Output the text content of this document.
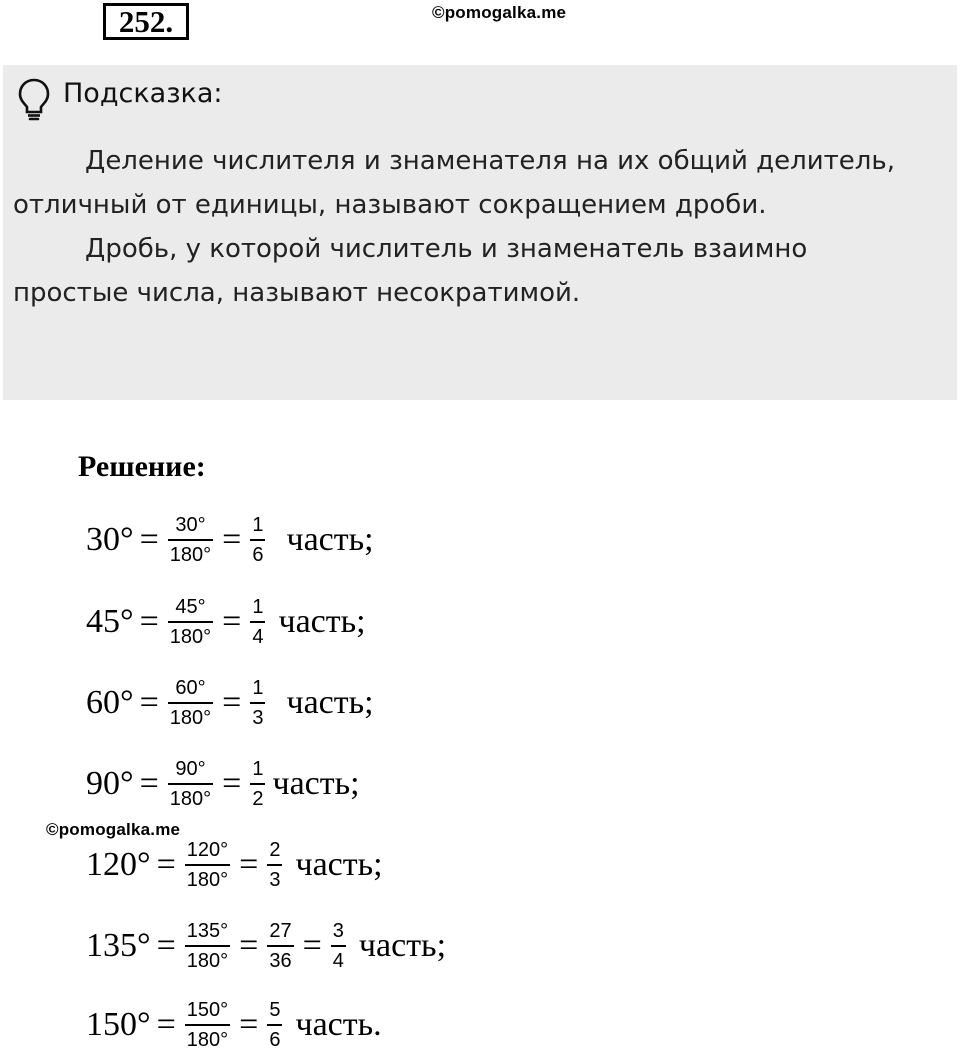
252.	©pomogalka.me
Подсказка:

Деление числителя и знаменателя на их общий делитель, отличный от единицы, называют сокращением дроби.

Дробь, у которой числитель и знаменатель взаимно простые числа, называют несократимой.

Решение:
©pomogalka.me
$30^\circ = \frac{30^\circ}{180^\circ} = \frac{1}{6}$ часть;
$45^\circ = \frac{45^\circ}{180^\circ} = \frac{1}{4}$ часть;
$60^\circ = \frac{60^\circ}{180^\circ} = \frac{1}{3}$ часть;
$90^\circ = \frac{90^\circ}{180^\circ} = \frac{1}{2}$ часть;
$120^\circ = \frac{120^\circ}{180^\circ} = \frac{2}{3}$ часть;
$135^\circ = \frac{135^\circ}{180^\circ} = \frac{27}{36} = \frac{3}{4}$ часть;
$150^\circ = \frac{150^\circ}{180^\circ} = \frac{5}{6}$ часть.
